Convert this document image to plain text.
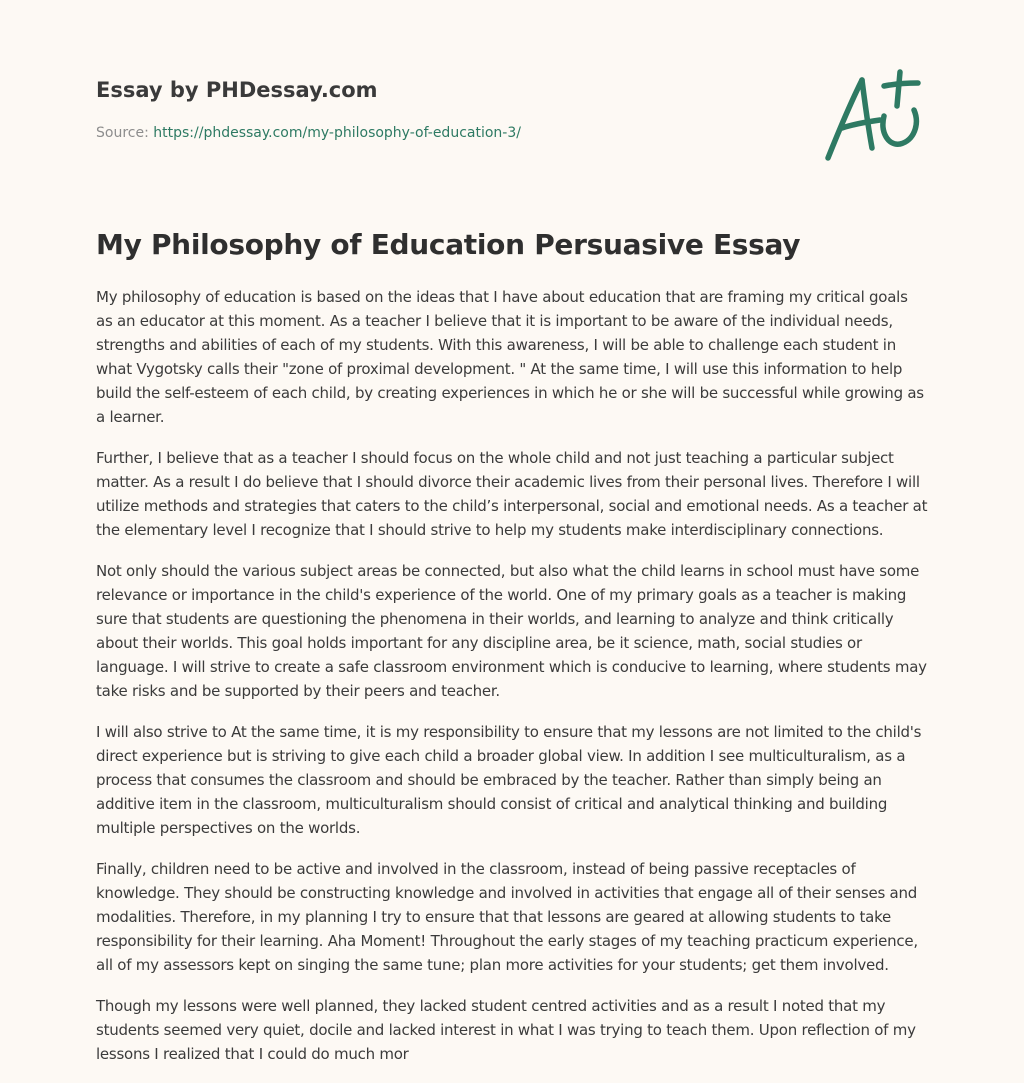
Essay by PHDessay.com

Source: https://phdessay.com/my-philosophy-of-education-3/

My Philosophy of Education Persuasive Essay

My philosophy of education is based on the ideas that I have about education that are framing my critical goals as an educator at this moment. As a teacher I believe that it is important to be aware of the individual needs, strengths and abilities of each of my students. With this awareness, I will be able to challenge each student in what Vygotsky calls their "zone of proximal development. " At the same time, I will use this information to help build the self-esteem of each child, by creating experiences in which he or she will be successful while growing as a learner.

Further, I believe that as a teacher I should focus on the whole child and not just teaching a particular subject matter. As a result I do believe that I should divorce their academic lives from their personal lives. Therefore I will utilize methods and strategies that caters to the child’s interpersonal, social and emotional needs. As a teacher at the elementary level I recognize that I should strive to help my students make interdisciplinary connections.

Not only should the various subject areas be connected, but also what the child learns in school must have some relevance or importance in the child's experience of the world. One of my primary goals as a teacher is making sure that students are questioning the phenomena in their worlds, and learning to analyze and think critically about their worlds. This goal holds important for any discipline area, be it science, math, social studies or language. I will strive to create a safe classroom environment which is conducive to learning, where students may take risks and be supported by their peers and teacher.

I will also strive to At the same time, it is my responsibility to ensure that my lessons are not limited to the child's direct experience but is striving to give each child a broader global view. In addition I see multiculturalism, as a process that consumes the classroom and should be embraced by the teacher. Rather than simply being an additive item in the classroom, multiculturalism should consist of critical and analytical thinking and building multiple perspectives on the worlds.

Finally, children need to be active and involved in the classroom, instead of being passive receptacles of knowledge. They should be constructing knowledge and involved in activities that engage all of their senses and modalities. Therefore, in my planning I try to ensure that that lessons are geared at allowing students to take responsibility for their learning. Aha Moment! Throughout the early stages of my teaching practicum experience, all of my assessors kept on singing the same tune; plan more activities for your students; get them involved.

Though my lessons were well planned, they lacked student centred activities and as a result I noted that my students seemed very quiet, docile and lacked interest in what I was trying to teach them. Upon reflection of my lessons I realized that I could do much mor
